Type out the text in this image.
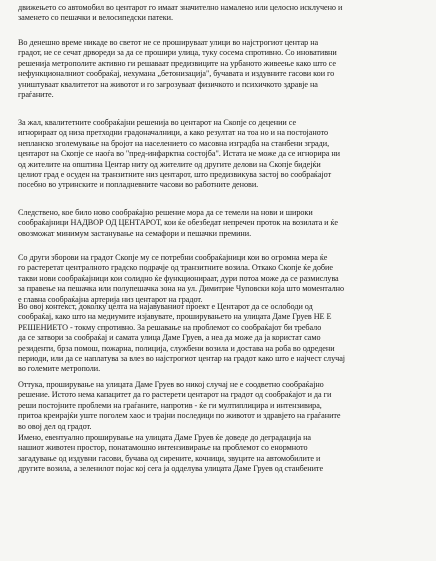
движењето со автомобил во центарот го имаат значително намалено или целосно исклучено и
заменето со пешачки и велосипедски патеки.

Во денешно време никаде во светот не се проширувaат улици во најстрогиот центар на
градот, не се сечат дрвореди за да се прошири улица, туку сосема спротивно. Со иновативни
решенија метрополите активно ги решаваат предизвиците на урбаното живеење како што се
нефункционалниот сообраќај, нехумана „бетонизација", бучавата и издувните гасови кои го
уништуваат квалитетот на животот и го загрозуваат физичкото и психичкото здравје на
граѓаните.

За жал, квалитетните сообраќајни решенија во центарот на Скопје со децении се
игнорираат од низа претходни градоначалници, а како резултат на тоа но и на постојаното
непланско зголемување на бројот на населението со масовна изградба на станбени згради,
центарот на Скопје се наоѓа во "пред-инфарктна состојба". Истата не може да се игнорира ни
од жителите на општина Центар ниту од жителите од другите делови на Скопје бидејќи
целиот град е осуден на транзитните низ центарот, што предизвикува застој во сообраќајот
посебно во утринските и попладневните часови во работните денови.

Следствено, кое било ново сообраќајно решение мора да се темели на нови и широки
сообраќајници НАДВОР ОД ЦЕНТАРОТ, кои ќе обезбедат непречен проток на возилата и ќе
овозможат минимум застанување на семафори и пешачки премини.

Со други зборови на градот Скопје му се потребни сообраќајници кои во огромна мера ќе
го растеретат централното градско подрачје од транзитните возила. Откако Скопје ќе добие
такви нови сообраќајници кои солидно ќе функционираат, дури потоа може да се размислува
за правење на пешачка или полупешачка зона на ул. Димитрие Чуповски која што моментално
е главна сообраќајна артерија низ центарот на градот.

Во овој контекст, доколку целта на најавуваниот проект е Центарот да се ослободи од
сообраќај, како што на медиумите изјавувате, проширувањето на улицата Даме Груев НЕ Е
РЕШЕНИЕТО - токму спротивно. За решавање на проблемот со сообраќајот би требало
да се затвори за сообраќај и самата улица Даме Груев, а неа да може да ја користат само
резиденти, брза помош, пожарна, полиција, службени возила и достава на роба во одредени
периоди, или да се наплатува за влез во најстрогиот центар на градот како што е најчест случај
во големите метрополи.

Оттука, проширување на улицата Даме Груев во никој случај не е соодветно сообраќајно
решение. Истото нема капацитет да го растерети центарот на градот од сообраќајот и да ги
реши постојните проблеми на граѓаните, напротив - ќе ги мултиплицира и интензивира,
притоа креирајќи уште поголем хаос и трајни последици по животот и здравјето на граѓаните
во овој дел од градот.

Имено, евентуално проширување на улицата Даме Груев ќе доведе до деградација на
нашиот животен простор, понатамошно интензивирање на проблемот со енормното
загадување од издувни гасови, бучава од сирените, кочници, звуците на автомобилите и
другите возила, а зеленилот појас кој сега ја одделува улицата Даме Груев од станбените
